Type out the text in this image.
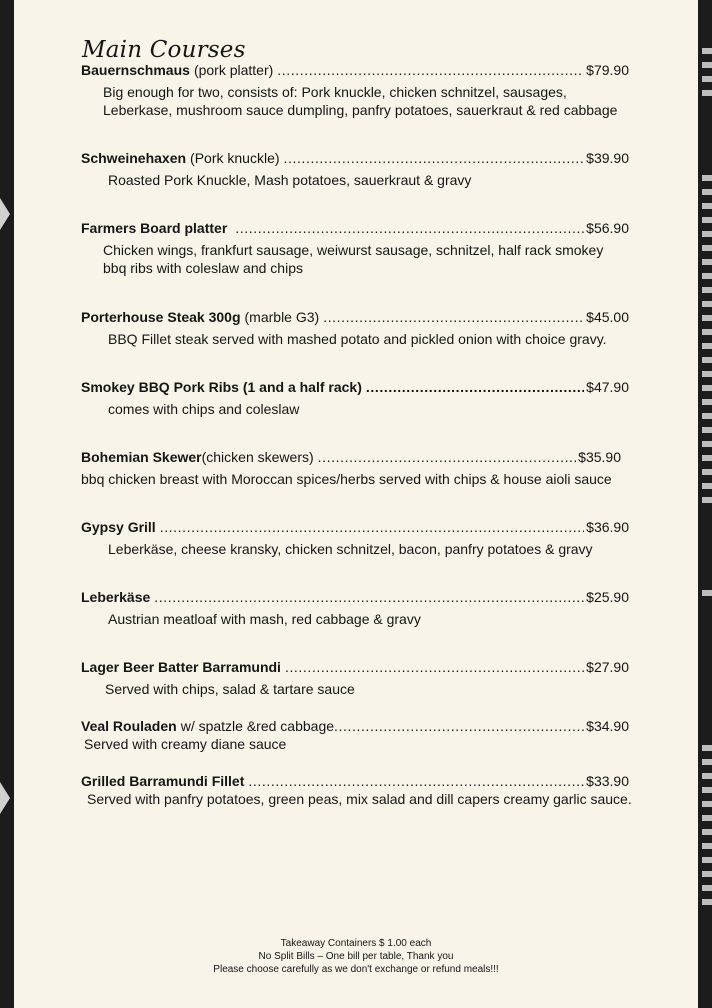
Main Courses
Bauernschmaus (pork platter) .....	$79.90
Big enough for two, consists of: Pork knuckle, chicken schnitzel, sausages, Leberkase, mushroom sauce dumpling, panfry potatoes, sauerkraut & red cabbage
Schweinehaxen (Pork knuckle) .....	$39.90
Roasted Pork Knuckle, Mash potatoes, sauerkraut & gravy
Farmers Board platter .....	$56.90
Chicken wings, frankfurt sausage, weiwurst sausage, schnitzel, half rack smokey bbq ribs with coleslaw and chips
Porterhouse Steak 300g (marble G3) .....	$45.00
BBQ Fillet steak served with mashed potato and pickled onion with choice gravy.
Smokey BBQ Pork Ribs (1 and a half rack) .....	$47.90
comes with chips and coleslaw
Bohemian Skewer (chicken skewers) .....	$35.90
bbq chicken breast with Moroccan spices/herbs served with chips & house aioli sauce
Gypsy Grill .....	$36.90
Leberkäse, cheese kransky, chicken schnitzel, bacon, panfry potatoes & gravy
Leberkäse .....	$25.90
Austrian meatloaf with mash, red cabbage & gravy
Lager Beer Batter Barramundi .....	$27.90
Served with chips, salad & tartare sauce
Veal Rouladen w/ spatzle &red cabbage .....	$34.90
Served with creamy diane sauce
Grilled Barramundi Fillet .....	$33.90
Served with panfry potatoes, green peas, mix salad and dill capers creamy garlic sauce.
Takeaway Containers $ 1.00 each
No Split Bills – One bill per table, Thank you
Please choose carefully as we don't exchange or refund meals!!!
